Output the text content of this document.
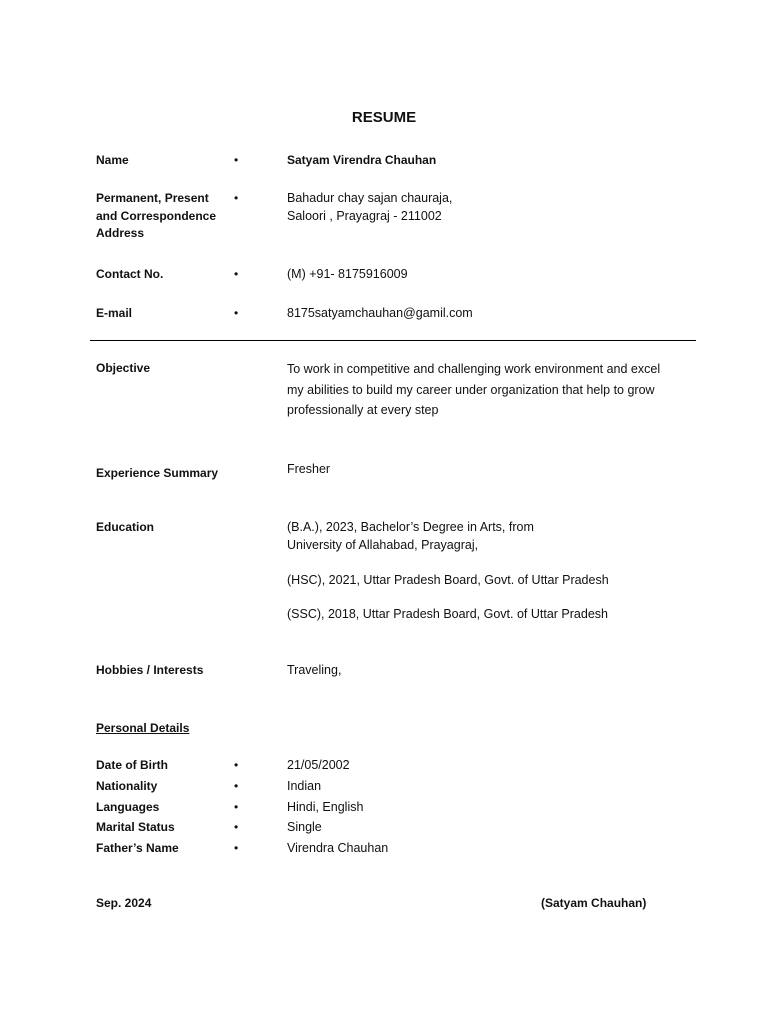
RESUME
Name	•	Satyam Virendra Chauhan
Permanent, Present
and Correspondence
Address
•	Bahadur chay sajan chauraja,
Saloori , Prayagraj - 211002
Contact No.	•	(M) +91- 8175916009
E-mail	•	8175satyamchauhan@gamil.com
Objective	To work in competitive and challenging work environment and excel
my abilities to build my career under organization that help to grow
professionally at every step
Experience Summary	Fresher
Education	(B.A.), 2023, Bachelor’s Degree in Arts, from
University of Allahabad, Prayagraj,
(HSC), 2021, Uttar Pradesh Board, Govt. of Uttar Pradesh
(SSC), 2018, Uttar Pradesh Board, Govt. of Uttar Pradesh
Hobbies / Interests	Traveling,
Personal Details
Date of Birth	•	21/05/2002
Nationality	•	Indian
Languages	•	Hindi, English
Marital Status	•	Single
Father’s Name	•	Virendra Chauhan
Sep. 2024	(Satyam Chauhan)
